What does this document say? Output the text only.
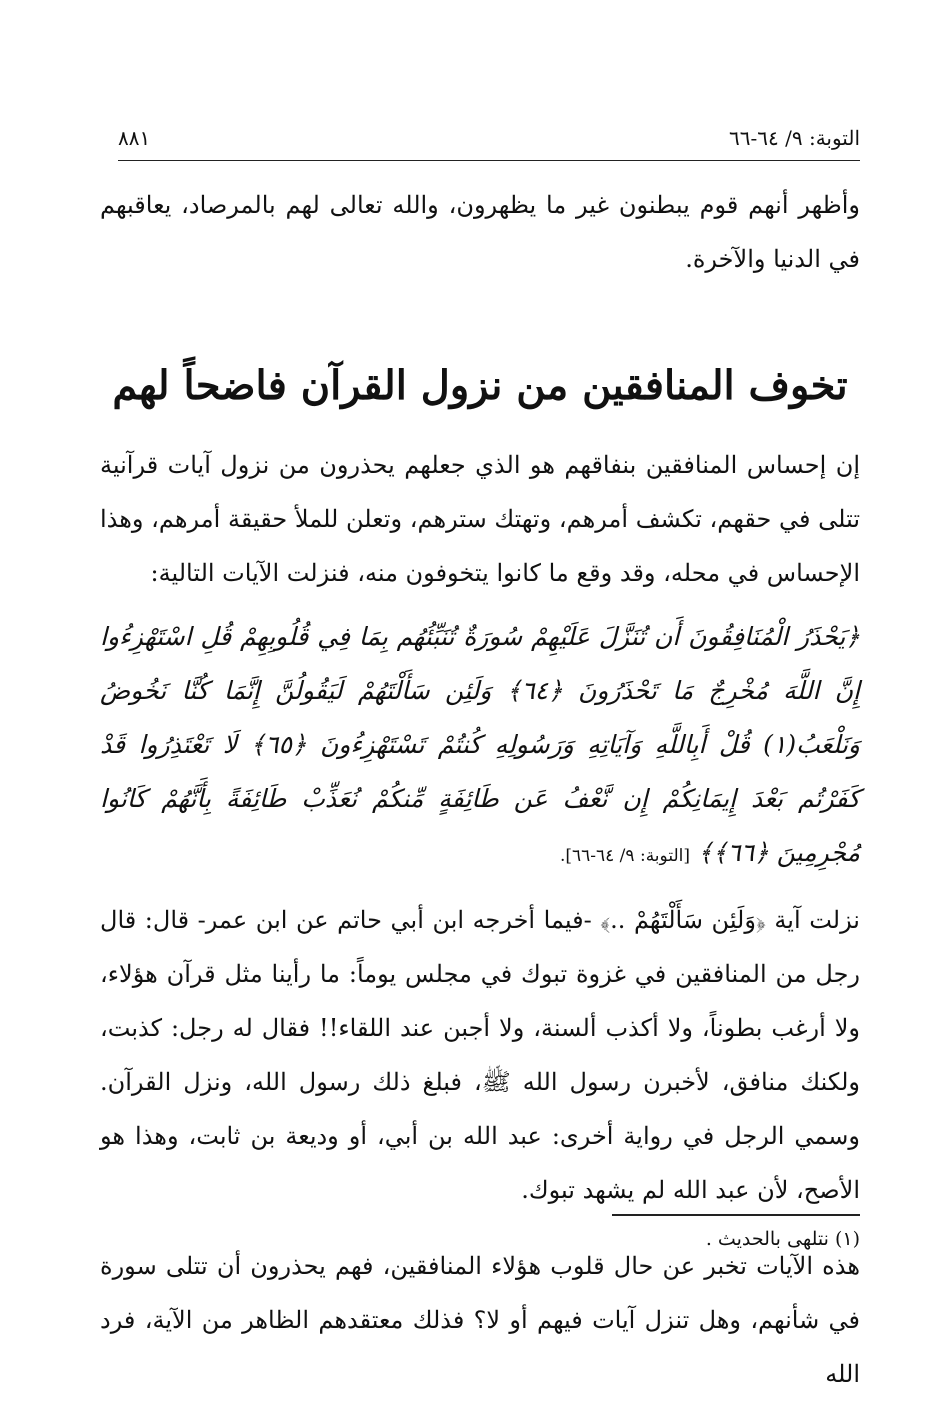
التوبة: ٩/ ٦٤-٦٦
٨٨١

وأظهر أنهم قوم يبطنون غير ما يظهرون، والله تعالى لهم بالمرصاد، يعاقبهم في الدنيا والآخرة.

تخوف المنافقين من نزول القرآن فاضحاً لهم

إن إحساس المنافقين بنفاقهم هو الذي جعلهم يحذرون من نزول آيات قرآنية تتلى في حقهم، تكشف أمرهم، وتهتك سترهم، وتعلن للملأ حقيقة أمرهم، وهذا الإحساس في محله، وقد وقع ما كانوا يتخوفون منه، فنزلت الآيات التالية:

﴿يَحْذَرُ الْمُنَافِقُونَ أَن تُنَزَّلَ عَلَيْهِمْ سُورَةٌ تُنَبِّئُهُم بِمَا فِي قُلُوبِهِمْ قُلِ اسْتَهْزِءُوا إِنَّ اللَّهَ مُخْرِجٌ مَا تَحْذَرُونَ ﴿٦٤﴾ وَلَئِن سَأَلْتَهُمْ لَيَقُولُنَّ إِنَّمَا كُنَّا نَخُوضُ وَنَلْعَبُ(١) قُلْ أَبِاللَّهِ وَآيَاتِهِ وَرَسُولِهِ كُنتُمْ تَسْتَهْزِءُونَ ﴿٦٥﴾ لَا تَعْتَذِرُوا قَدْ كَفَرْتُم بَعْدَ إِيمَانِكُمْ إِن نَّعْفُ عَن طَائِفَةٍ مِّنكُمْ نُعَذِّبْ طَائِفَةً بِأَنَّهُمْ كَانُوا مُجْرِمِينَ ﴿٦٦﴾﴾ [التوبة: ٩/ ٦٤-٦٦].

نزلت آية ﴿وَلَئِن سَأَلْتَهُمْ ..﴾ -فيما أخرجه ابن أبي حاتم عن ابن عمر- قال: قال رجل من المنافقين في غزوة تبوك في مجلس يوماً: ما رأينا مثل قرآن هؤلاء، ولا أرغب بطوناً، ولا أكذب ألسنة، ولا أجبن عند اللقاء!! فقال له رجل: كذبت، ولكنك منافق، لأخبرن رسول الله ﷺ، فبلغ ذلك رسول الله، ونزل القرآن. وسمي الرجل في رواية أخرى: عبد الله بن أبي، أو وديعة بن ثابت، وهذا هو الأصح، لأن عبد الله لم يشهد تبوك.

هذه الآيات تخبر عن حال قلوب هؤلاء المنافقين، فهم يحذرون أن تتلى سورة في شأنهم، وهل تنزل آيات فيهم أو لا؟ فذلك معتقدهم الظاهر من الآية، فرد الله

(١) نتلهى بالحديث .
